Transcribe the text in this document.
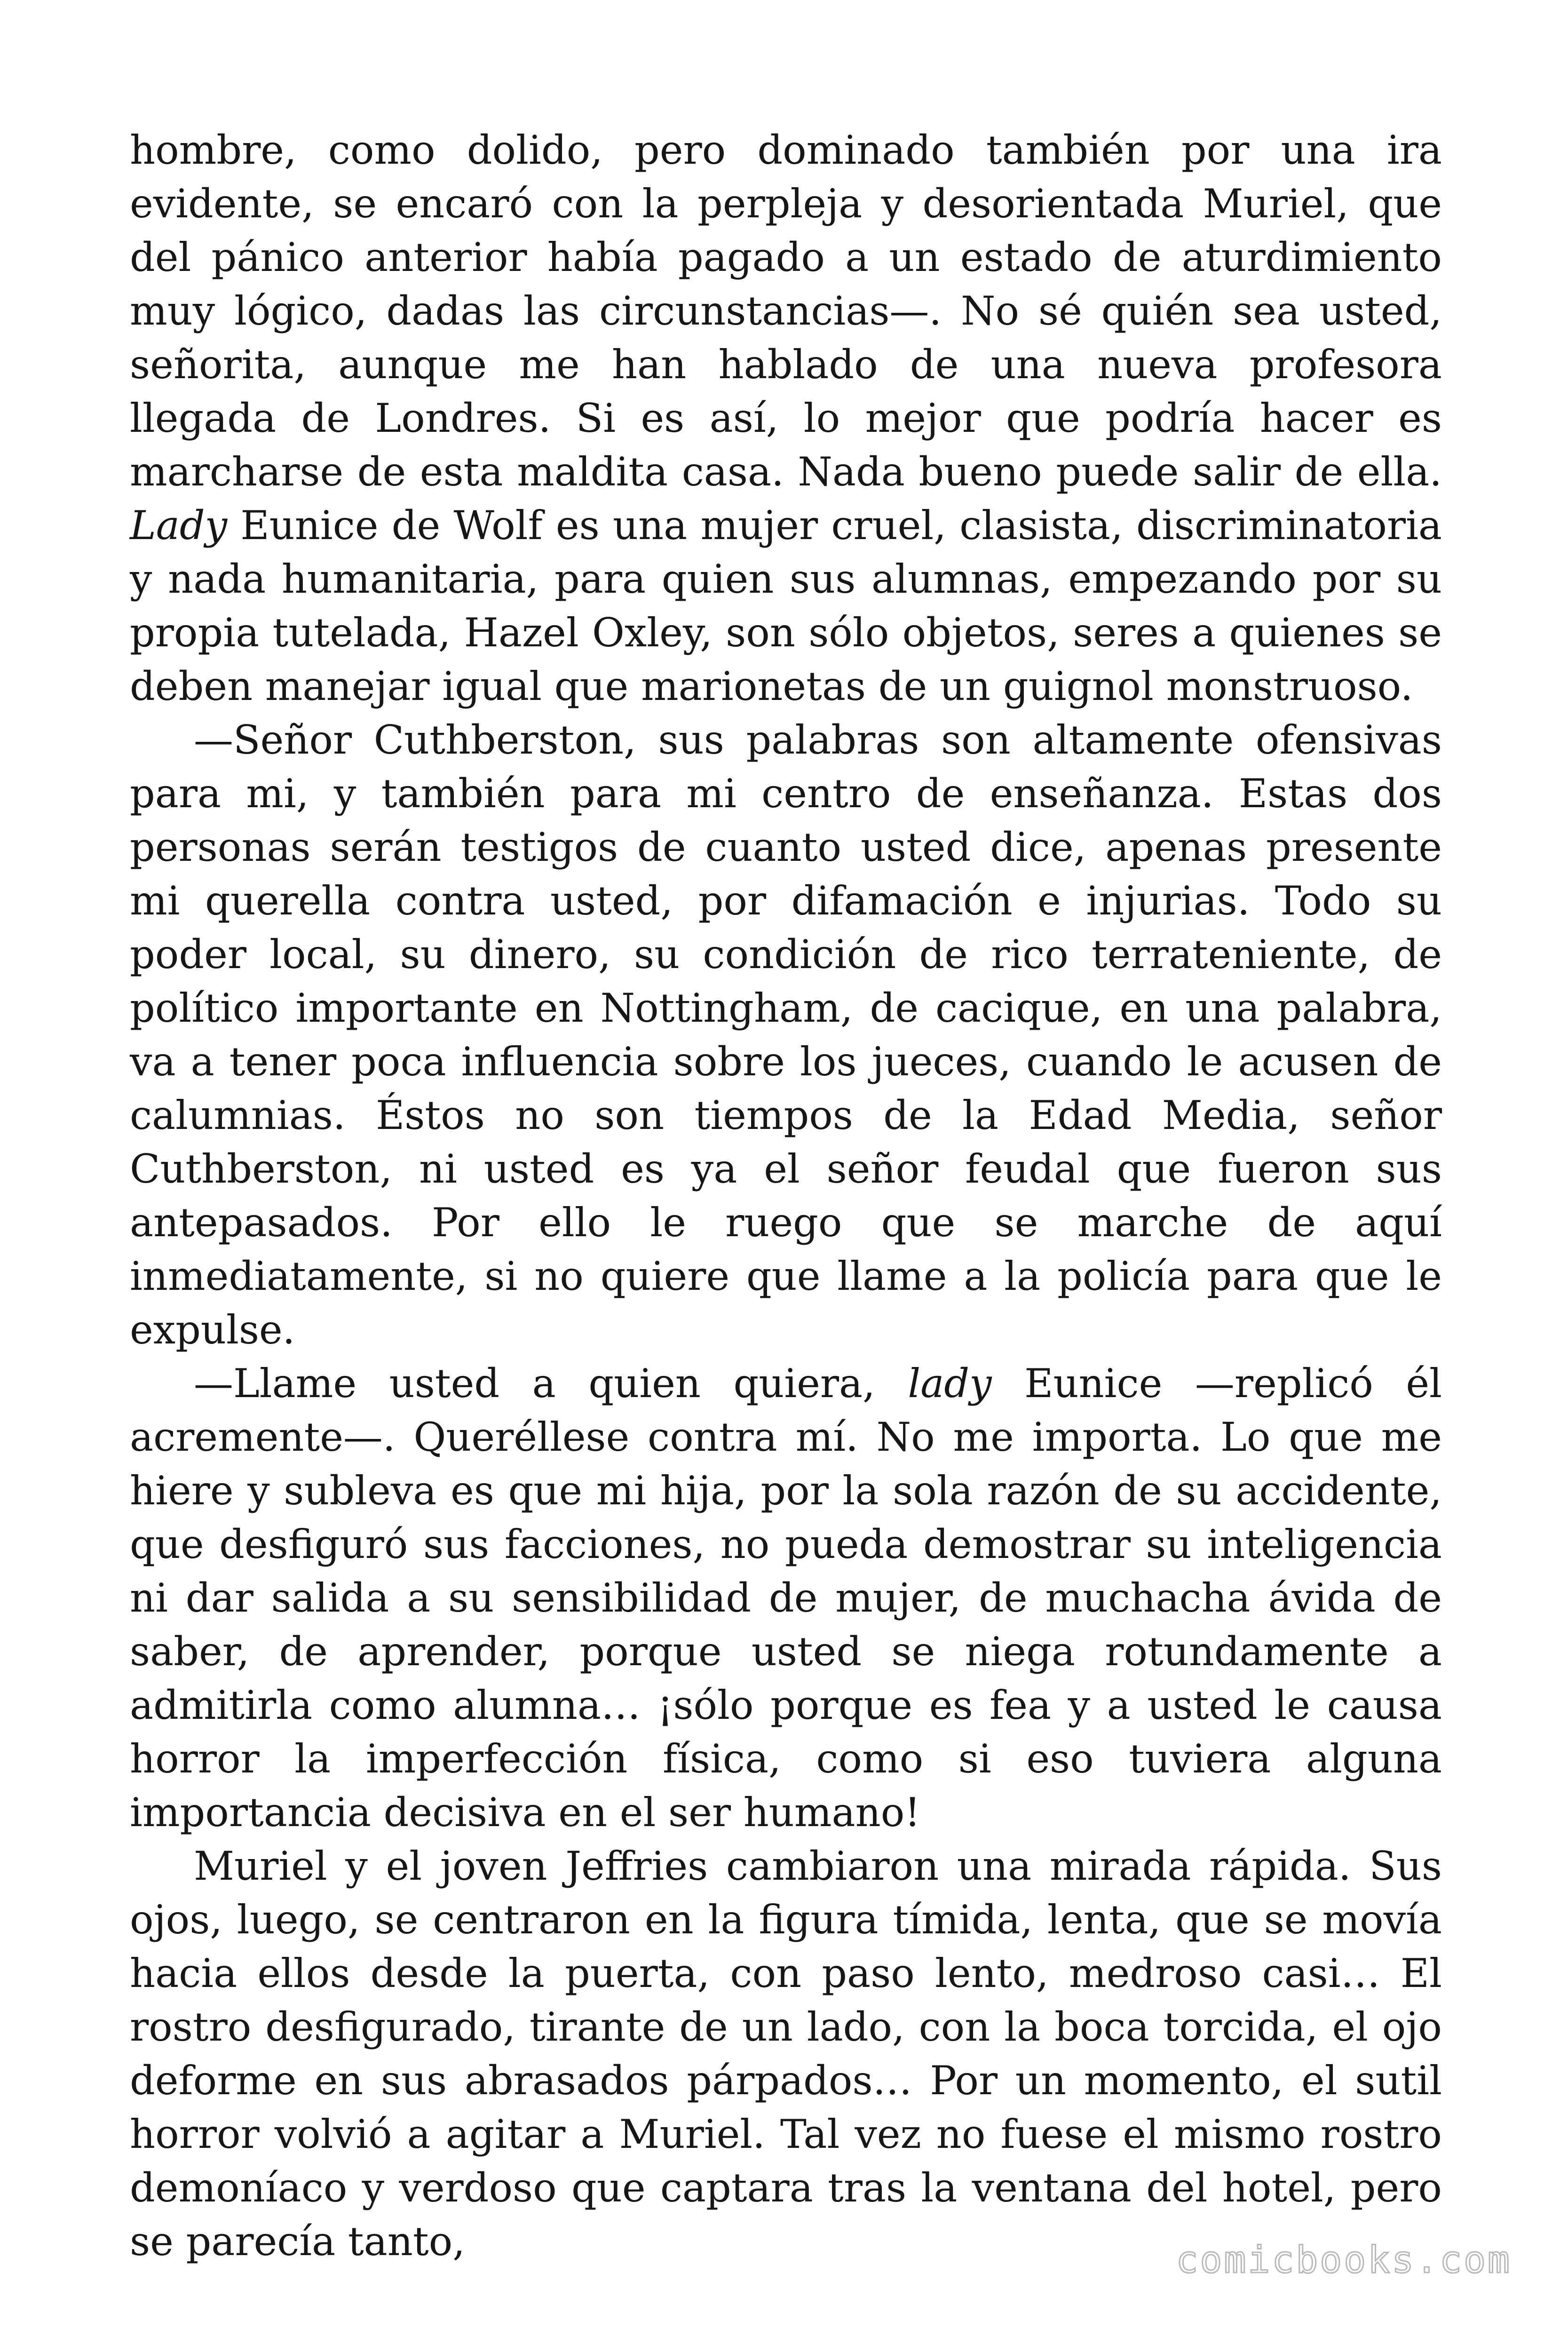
hombre, como dolido, pero dominado también por una ira evidente, se encaró con la perpleja y desorientada Muriel, que del pánico anterior había pagado a un estado de aturdimiento muy lógico, dadas las circunstancias—. No sé quién sea usted, señorita, aunque me han hablado de una nueva profesora llegada de Londres. Si es así, lo mejor que podría hacer es marcharse de esta maldita casa. Nada bueno puede salir de ella. Lady Eunice de Wolf es una mujer cruel, clasista, discriminatoria y nada humanitaria, para quien sus alumnas, empezando por su propia tutelada, Hazel Oxley, son sólo objetos, seres a quienes se deben manejar igual que marionetas de un guignol monstruoso.

—Señor Cuthberston, sus palabras son altamente ofensivas para mi, y también para mi centro de enseñanza. Estas dos personas serán testigos de cuanto usted dice, apenas presente mi querella contra usted, por difamación e injurias. Todo su poder local, su dinero, su condición de rico terrateniente, de político importante en Nottingham, de cacique, en una palabra, va a tener poca influencia sobre los jueces, cuando le acusen de calumnias. Éstos no son tiempos de la Edad Media, señor Cuthberston, ni usted es ya el señor feudal que fueron sus antepasados. Por ello le ruego que se marche de aquí inmediatamente, si no quiere que llame a la policía para que le expulse.

—Llame usted a quien quiera, lady Eunice —replicó él acremente—. Queréllese contra mí. No me importa. Lo que me hiere y subleva es que mi hija, por la sola razón de su accidente, que desfiguró sus facciones, no pueda demostrar su inteligencia ni dar salida a su sensibilidad de mujer, de muchacha ávida de saber, de aprender, porque usted se niega rotundamente a admitirla como alumna… ¡sólo porque es fea y a usted le causa horror la imperfección física, como si eso tuviera alguna importancia decisiva en el ser humano!

Muriel y el joven Jeffries cambiaron una mirada rápida. Sus ojos, luego, se centraron en la figura tímida, lenta, que se movía hacia ellos desde la puerta, con paso lento, medroso casi… El rostro desfigurado, tirante de un lado, con la boca torcida, el ojo deforme en sus abrasados párpados… Por un momento, el sutil horror volvió a agitar a Muriel. Tal vez no fuese el mismo rostro demoníaco y verdoso que captara tras la ventana del hotel, pero se parecía tanto,	comicbooks.com
